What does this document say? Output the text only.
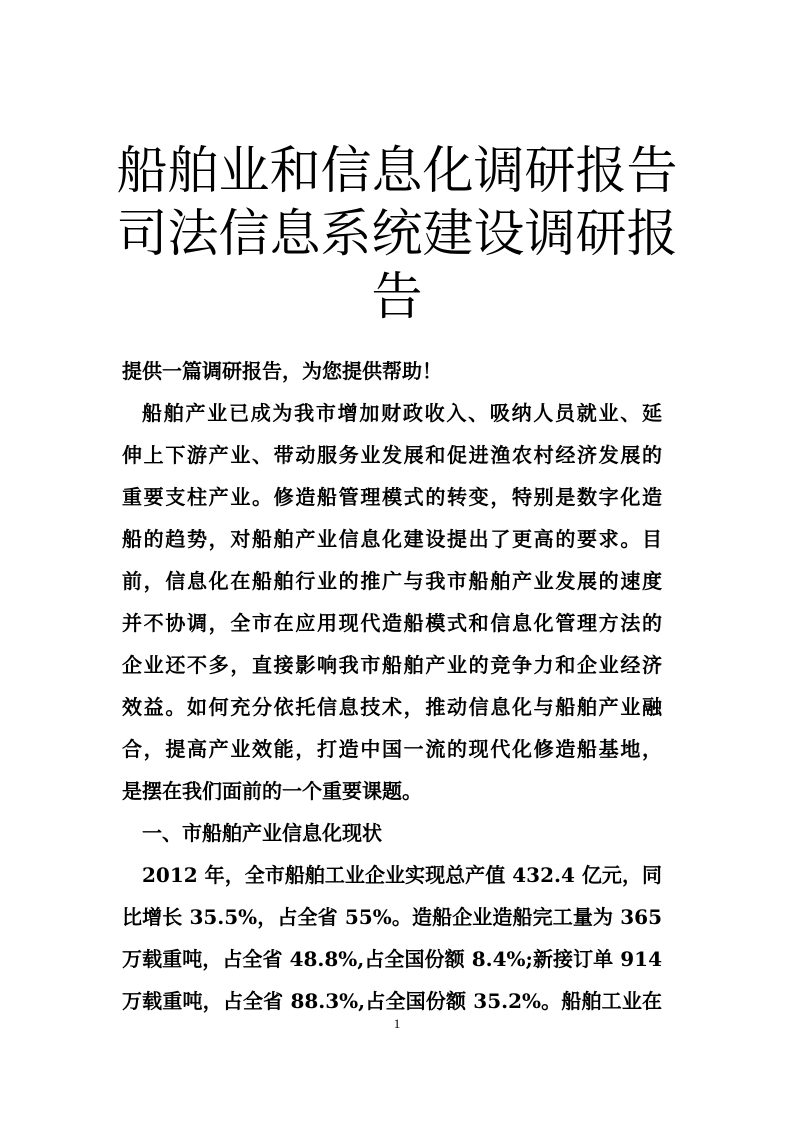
船舶业和信息化调研报告
司法信息系统建设调研报
告
提供一篇调研报告，为您提供帮助！
船舶产业已成为我市增加财政收入、吸纳人员就业、延
伸上下游产业、带动服务业发展和促进渔农村经济发展的
重要支柱产业。修造船管理模式的转变，特别是数字化造
船的趋势，对船舶产业信息化建设提出了更高的要求。目
前，信息化在船舶行业的推广与我市船舶产业发展的速度
并不协调，全市在应用现代造船模式和信息化管理方法的
企业还不多，直接影响我市船舶产业的竞争力和企业经济
效益。如何充分依托信息技术，推动信息化与船舶产业融
合，提高产业效能，打造中国一流的现代化修造船基地，
是摆在我们面前的一个重要课题。
一、市船舶产业信息化现状
2012 年，全市船舶工业企业实现总产值 432.4 亿元，同
比增长 35.5%，占全省 55%。造船企业造船完工量为 365
万载重吨，占全省 48.8%,占全国份额 8.4%;新接订单 914
万载重吨，占全省 88.3%,占全国份额 35.2%。船舶工业在
1
